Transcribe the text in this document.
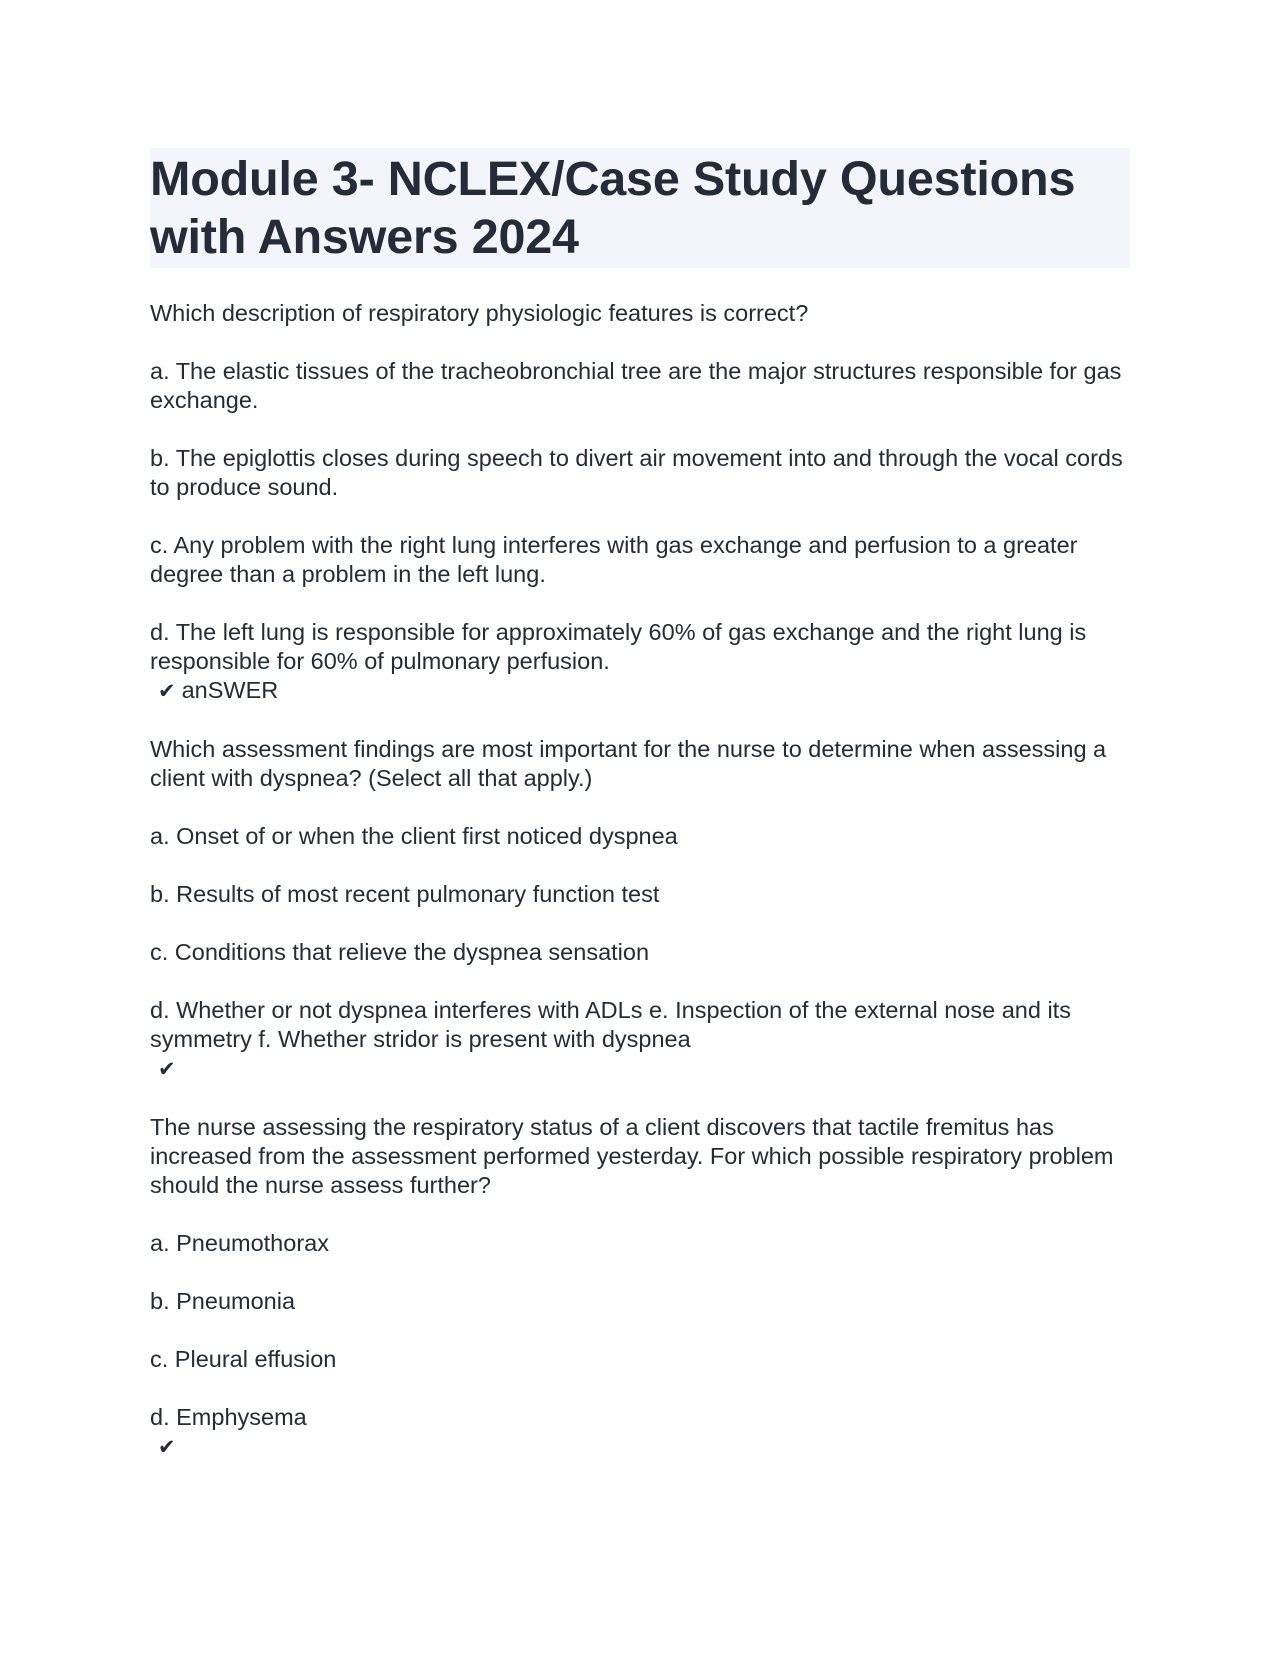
Module 3- NCLEX/Case Study Questions with Answers 2024

Which description of respiratory physiologic features is correct?

a. The elastic tissues of the tracheobronchial tree are the major structures responsible for gas exchange.

b. The epiglottis closes during speech to divert air movement into and through the vocal cords to produce sound.

c. Any problem with the right lung interferes with gas exchange and perfusion to a greater degree than a problem in the left lung.

d. The left lung is responsible for approximately 60% of gas exchange and the right lung is responsible for 60% of pulmonary perfusion.

✔ anSWER

Which assessment findings are most important for the nurse to determine when assessing a client with dyspnea? (Select all that apply.)

a. Onset of or when the client first noticed dyspnea

b. Results of most recent pulmonary function test

c. Conditions that relieve the dyspnea sensation

d. Whether or not dyspnea interferes with ADLs e. Inspection of the external nose and its symmetry f. Whether stridor is present with dyspnea

✔

The nurse assessing the respiratory status of a client discovers that tactile fremitus has increased from the assessment performed yesterday. For which possible respiratory problem should the nurse assess further?

a. Pneumothorax

b. Pneumonia

c. Pleural effusion

d. Emphysema

✔
